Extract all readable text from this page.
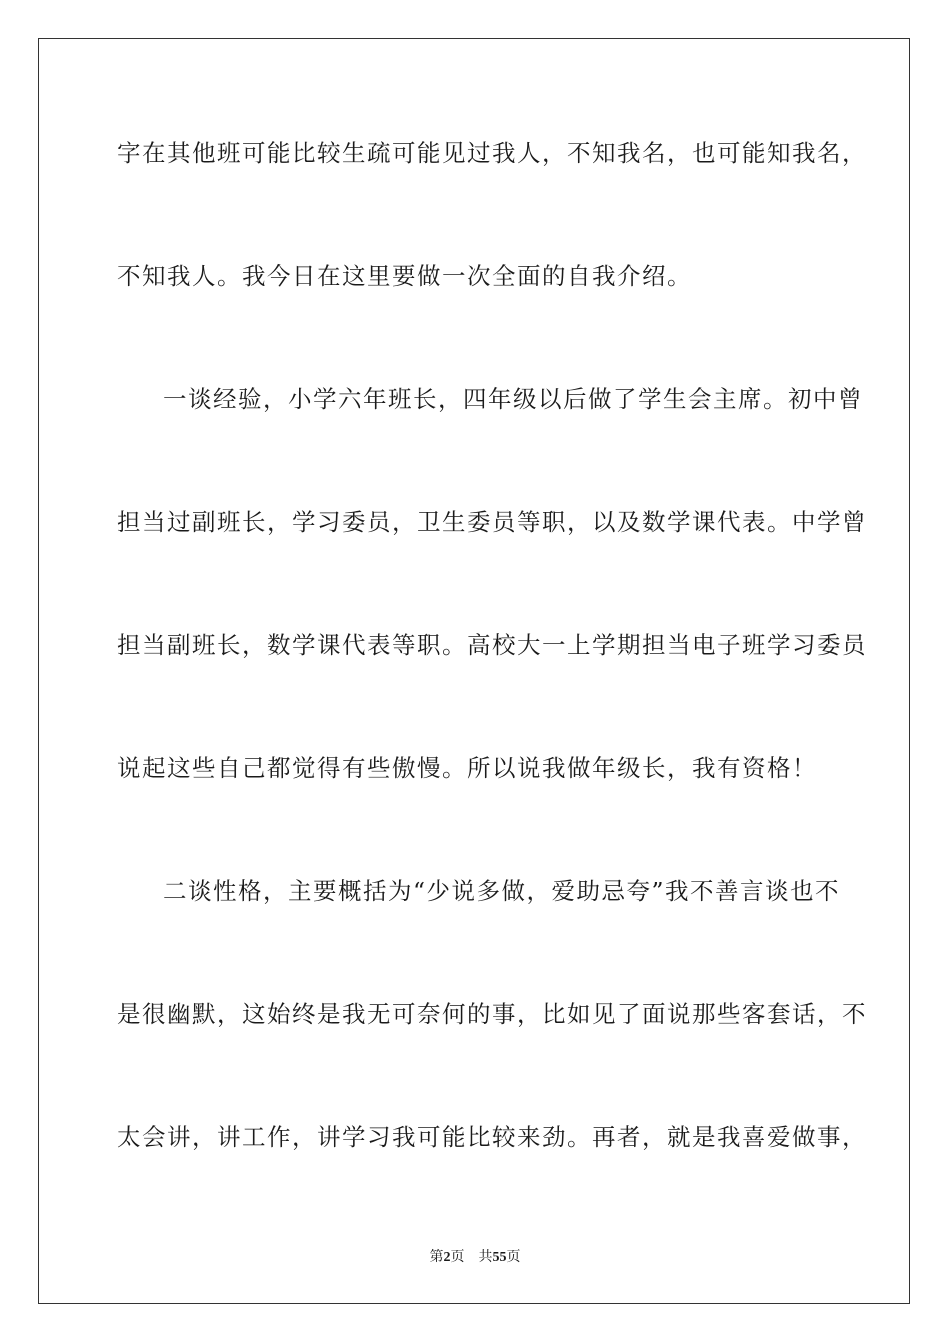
字在其他班可能比较生疏可能见过我人，不知我名，也可能知我名，
不知我人。我今日在这里要做一次全面的自我介绍。
一谈经验，小学六年班长，四年级以后做了学生会主席。初中曾
担当过副班长，学习委员，卫生委员等职，以及数学课代表。中学曾
担当副班长，数学课代表等职。高校大一上学期担当电子班学习委员
说起这些自己都觉得有些傲慢。所以说我做年级长，我有资格！
二谈性格，主要概括为“少说多做，爱助忌夸”我不善言谈也不
是很幽默，这始终是我无可奈何的事，比如见了面说那些客套话，不
太会讲，讲工作，讲学习我可能比较来劲。再者，就是我喜爱做事，
第2页 共55页
